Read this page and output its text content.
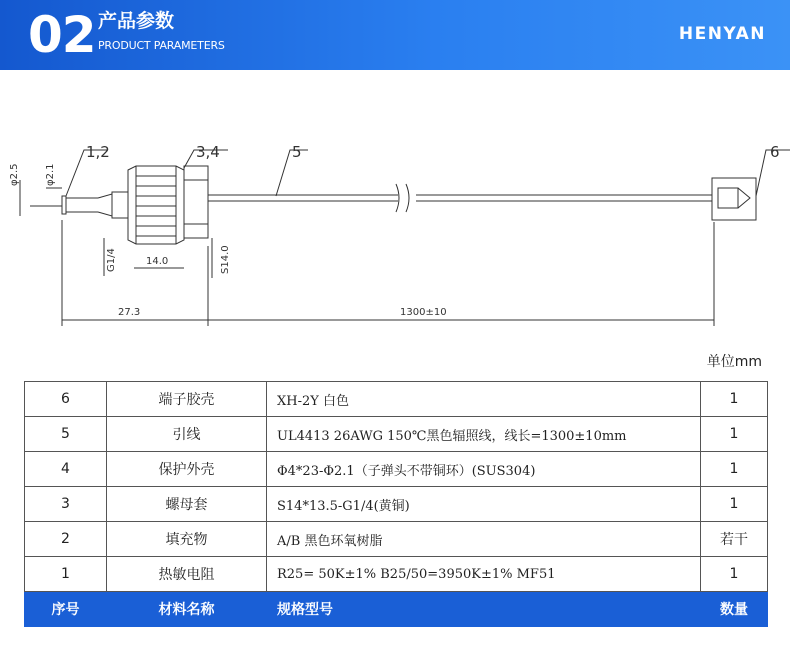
02 产品参数
PRODUCT PARAMETERS
HENYAN
1,2	3,4	5	6
φ2.5	φ2.1
G1/4	14.0	S14.0
27.3	1300±10
单位mm
6	端子胶壳	XH-2Y 白色	1
5	引线	UL4413 26AWG 150℃黑色辐照线，线长=1300±10mm	1
4	保护外壳	Φ4*23-Φ2.1（子弹头不带铜环）(SUS304)	1
3	螺母套	S14*13.5-G1/4(黄铜)	1
2	填充物	A/B 黑色环氧树脂	若干
1	热敏电阻	R25= 50K±1% B25/50=3950K±1% MF51	1
序号	材料名称	规格型号	数量
